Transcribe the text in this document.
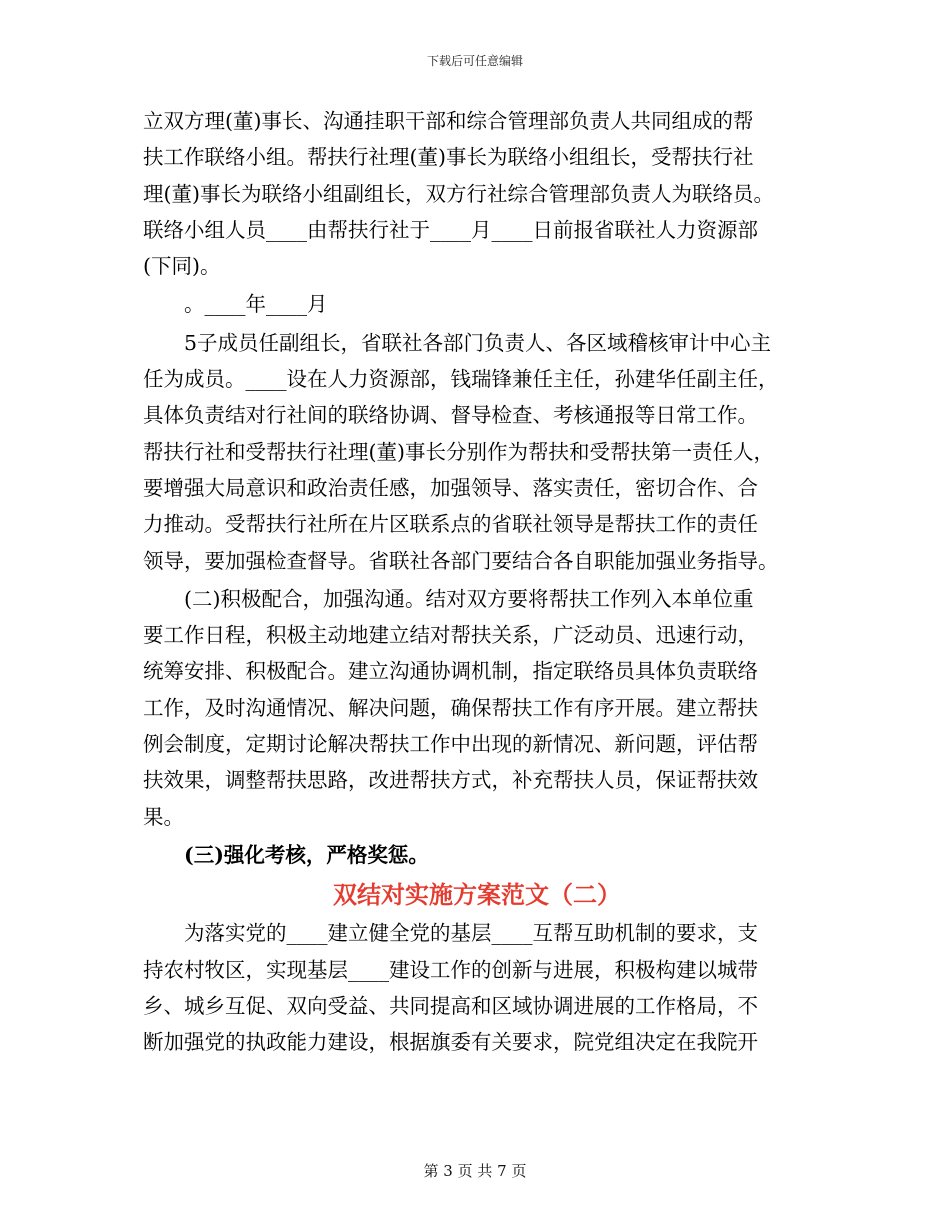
下载后可任意编辑
立双方理(董)事长、沟通挂职干部和综合管理部负责人共同组成的帮
扶工作联络小组。帮扶行社理(董)事长为联络小组组长，受帮扶行社
理(董)事长为联络小组副组长，双方行社综合管理部负责人为联络员。
联络小组人员____由帮扶行社于____月____日前报省联社人力资源部
(下同)。
。____年____月
5子成员任副组长，省联社各部门负责人、各区域稽核审计中心主
任为成员。____设在人力资源部，钱瑞锋兼任主任，孙建华任副主任，
具体负责结对行社间的联络协调、督导检查、考核通报等日常工作。
帮扶行社和受帮扶行社理(董)事长分别作为帮扶和受帮扶第一责任人，
要增强大局意识和政治责任感，加强领导、落实责任，密切合作、合
力推动。受帮扶行社所在片区联系点的省联社领导是帮扶工作的责任
领导，要加强检查督导。省联社各部门要结合各自职能加强业务指导。
(二)积极配合，加强沟通。结对双方要将帮扶工作列入本单位重
要工作日程，积极主动地建立结对帮扶关系，广泛动员、迅速行动，
统筹安排、积极配合。建立沟通协调机制，指定联络员具体负责联络
工作，及时沟通情况、解决问题，确保帮扶工作有序开展。建立帮扶
例会制度，定期讨论解决帮扶工作中出现的新情况、新问题，评估帮
扶效果，调整帮扶思路，改进帮扶方式，补充帮扶人员，保证帮扶效
果。
(三)强化考核，严格奖惩。
双结对实施方案范文（二）
为落实党的____建立健全党的基层____互帮互助机制的要求，支
持农村牧区，实现基层____建设工作的创新与进展，积极构建以城带
乡、城乡互促、双向受益、共同提高和区域协调进展的工作格局，不
断加强党的执政能力建设，根据旗委有关要求，院党组决定在我院开
第 3 页 共 7 页
